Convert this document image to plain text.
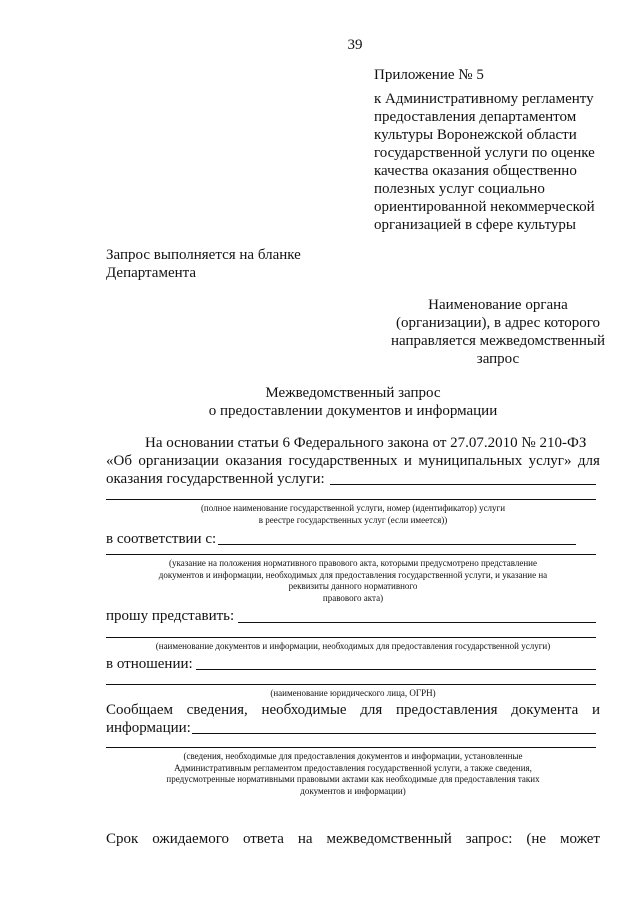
39
Приложение № 5
к Административному регламенту
предоставления департаментом
культуры Воронежской области
государственной услуги по оценке
качества оказания общественно
полезных услуг социально
ориентированной некоммерческой
организацией в сфере культуры
Запрос выполняется на бланке
Департамента
Наименование органа
(организации), в адрес которого
направляется межведомственный
запрос
Межведомственный запрос
о предоставлении документов и информации
На основании статьи 6 Федерального закона от 27.07.2010 № 210-ФЗ
«Об организации оказания государственных и муниципальных услуг» для
оказания государственной услуги:
(полное наименование государственной услуги, номер (идентификатор) услуги
в реестре государственных услуг (если имеется))
в соответствии с:
(указание на положения нормативного правового акта, которыми предусмотрено представление
документов и информации, необходимых для предоставления государственной услуги, и указание на
реквизиты данного нормативного
правового акта)
прошу представить:
(наименование документов и информации, необходимых для предоставления государственной услуги)
в отношении:
(наименование юридического лица, ОГРН)
Сообщаем сведения, необходимые для предоставления документа и
информации:
(сведения, необходимые для предоставления документов и информации, установленные
Административным регламентом предоставления государственной услуги, а также сведения,
предусмотренные нормативными правовыми актами как необходимые для предоставления таких
документов и информации)
Срок ожидаемого ответа на межведомственный запрос: (не может
